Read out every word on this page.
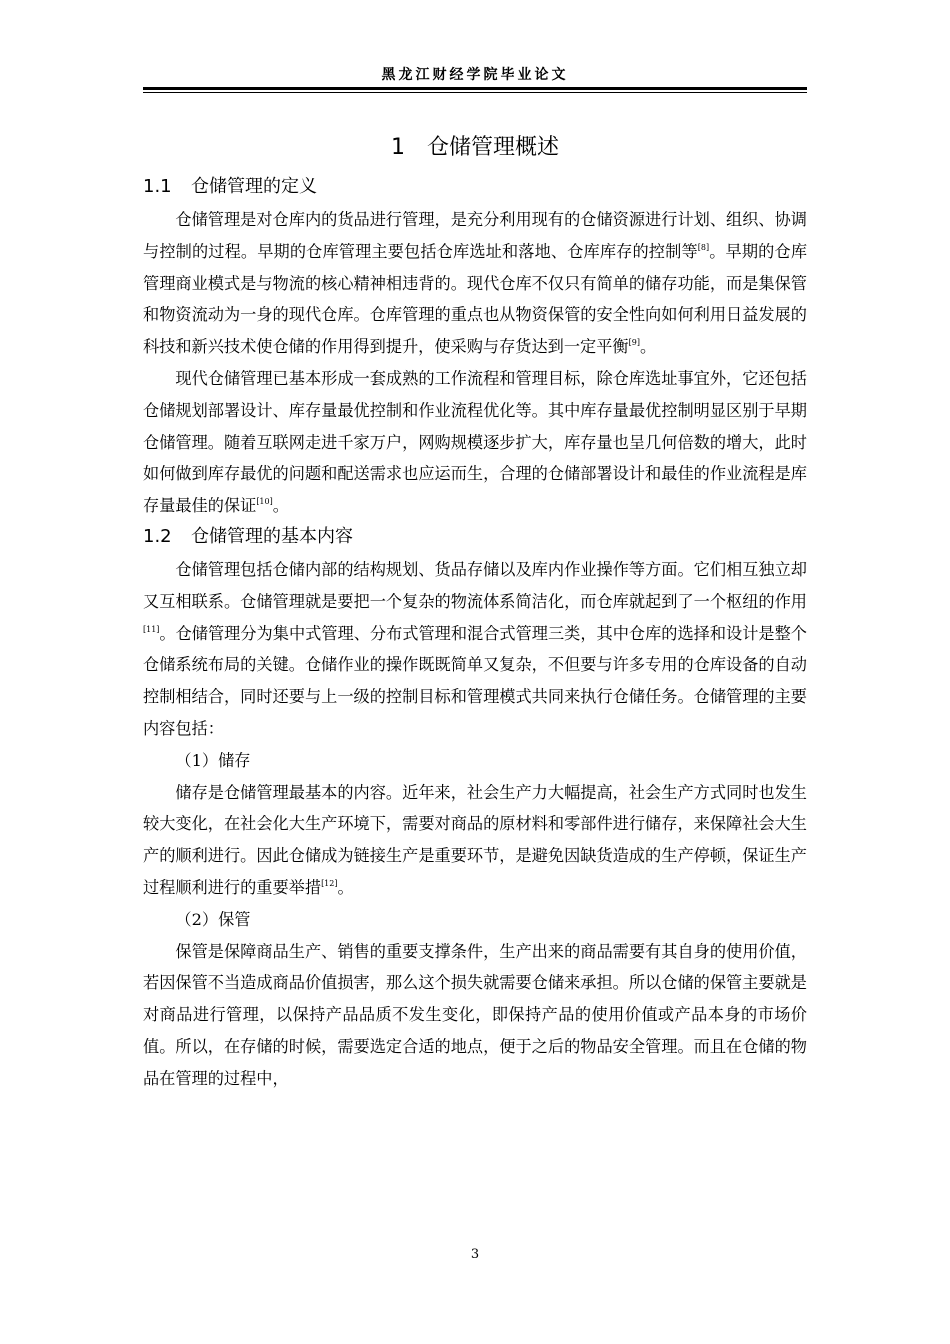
黑龙江财经学院毕业论文
1 仓储管理概述
1.1 仓储管理的定义

仓储管理是对仓库内的货品进行管理，是充分利用现有的仓储资源进行计划、组织、协调与控制的过程。早期的仓库管理主要包括仓库选址和落地、仓库库存的控制等[8]。早期的仓库管理商业模式是与物流的核心精神相违背的。现代仓库不仅只有简单的储存功能，而是集保管和物资流动为一身的现代仓库。仓库管理的重点也从物资保管的安全性向如何利用日益发展的科技和新兴技术使仓储的作用得到提升，使采购与存货达到一定平衡[9]。

现代仓储管理已基本形成一套成熟的工作流程和管理目标，除仓库选址事宜外，它还包括仓储规划部署设计、库存量最优控制和作业流程优化等。其中库存量最优控制明显区别于早期仓储管理。随着互联网走进千家万户，网购规模逐步扩大，库存量也呈几何倍数的增大，此时如何做到库存最优的问题和配送需求也应运而生，合理的仓储部署设计和最佳的作业流程是库存量最佳的保证[10]。

1.2 仓储管理的基本内容

仓储管理包括仓储内部的结构规划、货品存储以及库内作业操作等方面。它们相互独立却又互相联系。仓储管理就是要把一个复杂的物流体系简洁化，而仓库就起到了一个枢纽的作用[11]。仓储管理分为集中式管理、分布式管理和混合式管理三类，其中仓库的选择和设计是整个仓储系统布局的关键。仓储作业的操作既既简单又复杂，不但要与许多专用的仓库设备的自动控制相结合，同时还要与上一级的控制目标和管理模式共同来执行仓储任务。仓储管理的主要内容包括：

（1）储存

储存是仓储管理最基本的内容。近年来，社会生产力大幅提高，社会生产方式同时也发生较大变化，在社会化大生产环境下，需要对商品的原材料和零部件进行储存，来保障社会大生产的顺利进行。因此仓储成为链接生产是重要环节，是避免因缺货造成的生产停顿，保证生产过程顺利进行的重要举措[12]。

（2）保管

保管是保障商品生产、销售的重要支撑条件，生产出来的商品需要有其自身的使用价值，若因保管不当造成商品价值损害，那么这个损失就需要仓储来承担。所以仓储的保管主要就是对商品进行管理，以保持产品品质不发生变化，即保持产品的使用价值或产品本身的市场价值。所以，在存储的时候，需要选定合适的地点，便于之后的物品安全管理。而且在仓储的物品在管理的过程中，

3
